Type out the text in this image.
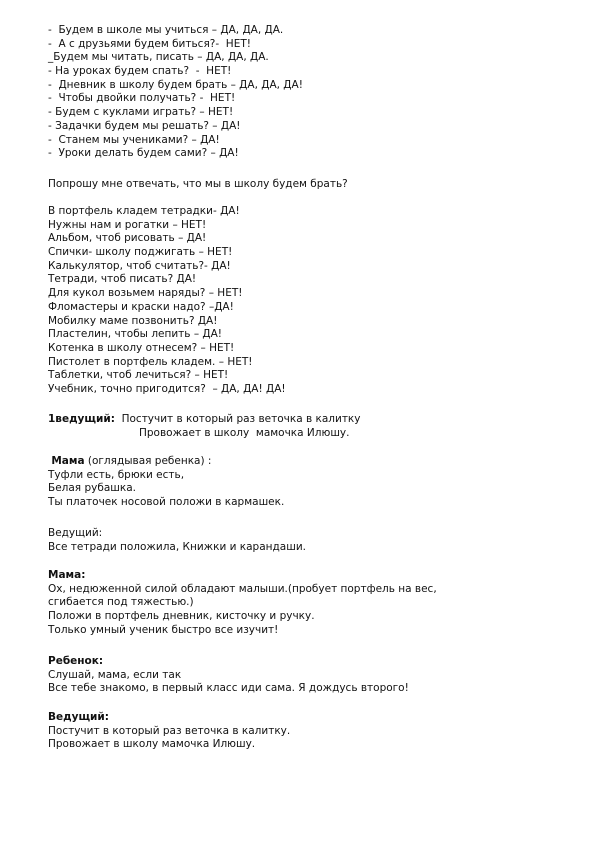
-  Будем в школе мы учиться – ДА, ДА, ДА.
-  А с друзьями будем биться?-  НЕТ!
_Будем мы читать, писать – ДА, ДА, ДА.
- На уроках будем спать?  -  НЕТ!
-  Дневник в школу будем брать – ДА, ДА, ДА!
-  Чтобы двойки получать? -  НЕТ!
- Будем с куклами играть? – НЕТ!
- Задачки будем мы решать? – ДА!
-  Станем мы учениками? – ДА!
-  Уроки делать будем сами? – ДА!
Попрошу мне отвечать, что мы в школу будем брать?
В портфель кладем тетрадки- ДА!
Нужны нам и рогатки – НЕТ!
Альбом, чтоб рисовать – ДА!
Спички- школу поджигать – НЕТ!
Калькулятор, чтоб считать?- ДА!
Тетради, чтоб писать? ДА!
Для кукол возьмем наряды? – НЕТ!
Фломастеры и краски надо? –ДА!
Мобилку маме позвонить? ДА!
Пластелин, чтобы лепить – ДА!
Котенка в школу отнесем? – НЕТ!
Пистолет в портфель кладем. – НЕТ!
Таблетки, чтоб лечиться? – НЕТ!
Учебник, точно пригодится?  – ДА, ДА! ДА!
1ведущий:  Постучит в который раз веточка в калитку
Провожает в школу  мамочка Илюшу.
Мама (оглядывая ребенка) :
Туфли есть, брюки есть,
Белая рубашка.
Ты платочек носовой положи в кармашек.
Ведущий:
Все тетради положила, Книжки и карандаши.
Мама:
Ох, недюженной силой обладают малыши.(пробует портфель на вес,
сгибается под тяжестью.)
Положи в портфель дневник, кисточку и ручку.
Только умный ученик быстро все изучит!
Ребенок:
Слушай, мама, если так
Все тебе знакомо, в первый класс иди сама. Я дождусь второго!
Ведущий:
Постучит в который раз веточка в калитку.
Провожает в школу мамочка Илюшу.
